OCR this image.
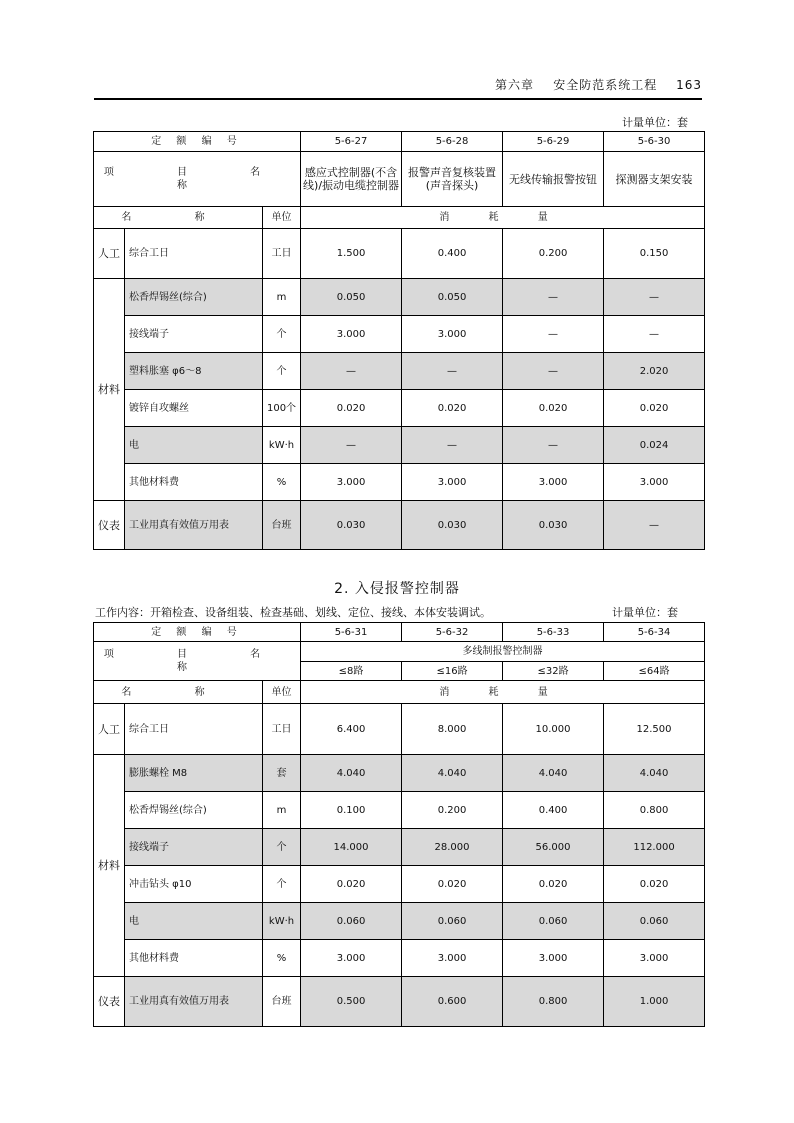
第六章 安全防范系统工程 163
计量单位：套
定 额 编 号			5-6-27	5-6-28	5-6-29	5-6-30
项 目 名 称			感应式控制器(不含线)/振动电缆控制器	报警声音复核装置(声音探头)	无线传输报警按钮	探测器支架安装
名 称		单位	消 耗 量			
人工	综合工日	工日	1.500	0.400	0.200	0.150
材料	松香焊锡丝(综合)	m	0.050	0.050	—	—
	接线端子	个	3.000	3.000	—	—
	塑料胀塞 φ6～8	个	—	—	—	2.020
	镀锌自攻螺丝	100个	0.020	0.020	0.020	0.020
	电	kW·h	—	—	—	0.024
	其他材料费	%	3.000	3.000	3.000	3.000
仪表	工业用真有效值万用表	台班	0.030	0.030	0.030	—
2. 入侵报警控制器
工作内容：开箱检查、设备组装、检查基础、划线、定位、接线、本体安装调试。	计量单位：套
定 额 编 号			5-6-31	5-6-32	5-6-33	5-6-34
项 目 名 称			多线制报警控制器			
			≤8路	≤16路	≤32路	≤64路
名 称		单位	消 耗 量			
人工	综合工日	工日	6.400	8.000	10.000	12.500
材料	膨胀螺栓 M8	套	4.040	4.040	4.040	4.040
	松香焊锡丝(综合)	m	0.100	0.200	0.400	0.800
	接线端子	个	14.000	28.000	56.000	112.000
	冲击钻头 φ10	个	0.020	0.020	0.020	0.020
	电	kW·h	0.060	0.060	0.060	0.060
	其他材料费	%	3.000	3.000	3.000	3.000
仪表	工业用真有效值万用表	台班	0.500	0.600	0.800	1.000
